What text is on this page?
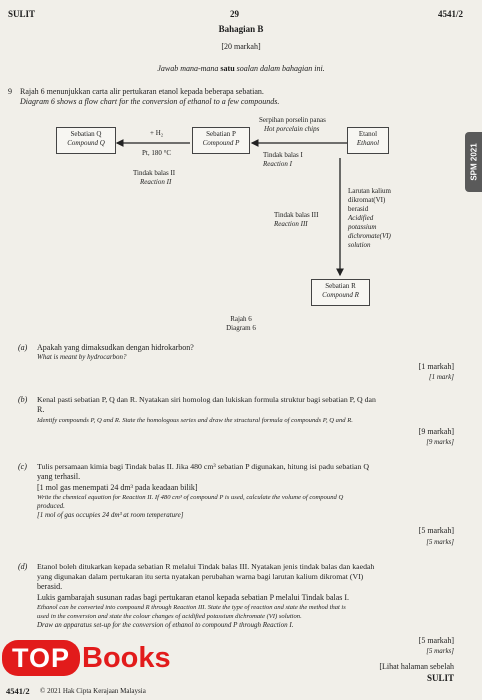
SULIT	29	4541/2
Bahagian B
[20 markah]
Jawab mana-mana satu soalan dalam bahagian ini.
SPM 2021
9 Rajah 6 menunjukkan carta alir pertukaran etanol kepada beberapa sebatian.
Diagram 6 shows a flow chart for the conversion of ethanol to a few compounds.
Sebatian Q
Compound Q
Sebatian P
Compound P
Etanol
Ethanol
Sebatian R
Compound R
+ H₂
Pt, 180 °C
Serpihan porselin panas
Hot porcelain chips
Tindak balas I
Reaction I
Tindak balas II
Reaction II
Tindak balas III
Reaction III
Larutan kalium
dikromat(VI)
berasid
Acidified
potassium
dichromate(VI)
solution
Rajah 6
Diagram 6
(a) Apakah yang dimaksudkan dengan hidrokarbon?
What is meant by hydrocarbon?
[1 markah]
[1 mark]
(b) Kenal pasti sebatian P, Q dan R. Nyatakan siri homolog dan lukiskan formula struktur bagi sebatian P, Q dan
R.
Identify compounds P, Q and R. State the homologous series and draw the structural formula of compounds P, Q and R.
[9 markah]
[9 marks]
(c) Tulis persamaan kimia bagi Tindak balas II. Jika 480 cm³ sebatian P digunakan, hitung isi padu sebatian Q
yang terhasil.
[1 mol gas menempati 24 dm³ pada keadaan bilik]
Write the chemical equation for Reaction II. If 480 cm³ of compound P is used, calculate the volume of compound Q
produced.
[1 mol of gas occupies 24 dm³ at room temperature]
[5 markah]
[5 marks]
(d) Etanol boleh ditukarkan kepada sebatian R melalui Tindak balas III. Nyatakan jenis tindak balas dan kaedah
yang digunakan dalam pertukaran itu serta nyatakan perubahan warna bagi larutan kalium dikromat (VI)
berasid.
Lukis gambarajah susunan radas bagi pertukaran etanol kepada sebatian P melalui Tindak balas I.
Ethanol can be converted into compound R through Reaction III. State the type of reaction and state the method that is
used in the conversion and state the colour changes of acidified potassium dichromate (VI) solution.
Draw an apparatus set-up for the conversion of ethanol to compound P through Reaction I.
[5 markah]
[5 marks]
[Lihat halaman sebelah
SULIT
4541/2 © 2021 Hak Cipta Kerajaan Malaysia
TOP Books
